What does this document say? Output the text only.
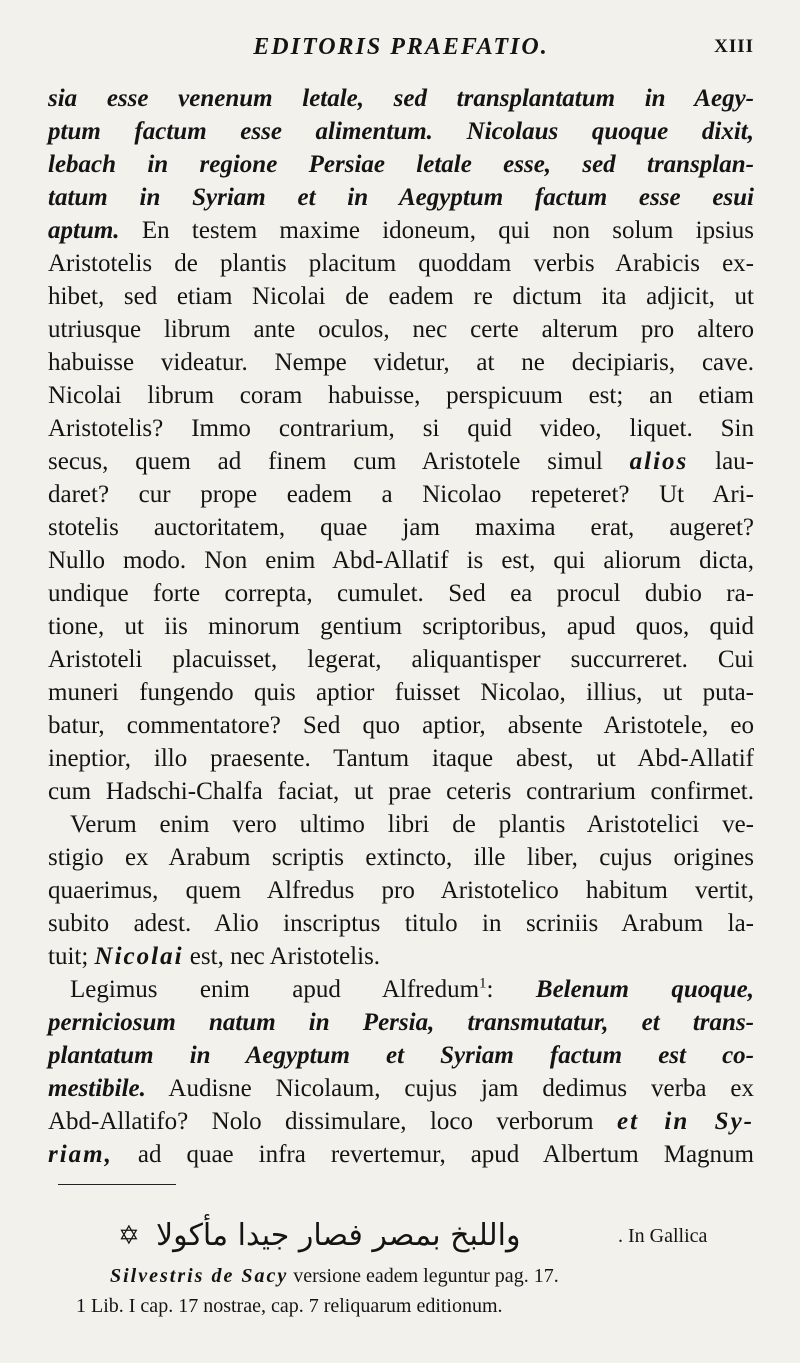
EDITORIS PRAEFATIO.	XIII
sia esse venenum letale, sed transplantatum in Aegy-
ptum factum esse alimentum. Nicolaus quoque dixit,
lebach in regione Persiae letale esse, sed transplan-
tatum in Syriam et in Aegyptum factum esse esui
aptum. En testem maxime idoneum, qui non solum ipsius
Aristotelis de plantis placitum quoddam verbis Arabicis ex-
hibet, sed etiam Nicolai de eadem re dictum ita adjicit, ut
utriusque librum ante oculos, nec certe alterum pro altero
habuisse videatur. Nempe videtur, at ne decipiaris, cave.
Nicolai librum coram habuisse, perspicuum est; an etiam
Aristotelis? Immo contrarium, si quid video, liquet. Sin
secus, quem ad finem cum Aristotele simul alios lau-
daret? cur prope eadem a Nicolao repeteret? Ut Ari-
stotelis auctoritatem, quae jam maxima erat, augeret?
Nullo modo. Non enim Abd-Allatif is est, qui aliorum dicta,
undique forte correpta, cumulet. Sed ea procul dubio ra-
tione, ut iis minorum gentium scriptoribus, apud quos, quid
Aristoteli placuisset, legerat, aliquantisper succurreret. Cui
muneri fungendo quis aptior fuisset Nicolao, illius, ut puta-
batur, commentatore? Sed quo aptior, absente Aristotele, eo
ineptior, illo praesente. Tantum itaque abest, ut Abd-Allatif
cum Hadschi-Chalfa faciat, ut prae ceteris contrarium confirmet.
Verum enim vero ultimo libri de plantis Aristotelici ve-
stigio ex Arabum scriptis extincto, ille liber, cujus origines
quaerimus, quem Alfredus pro Aristotelico habitum vertit,
subito adest. Alio inscriptus titulo in scriniis Arabum la-
tuit; Nicolai est, nec Aristotelis.
Legimus enim apud Alfredum$^1$: Belenum quoque,
perniciosum natum in Persia, transmutatur, et trans-
plantatum in Aegyptum et Syriam factum est co-
mestibile. Audisne Nicolaum, cujus jam dedimus verba ex
Abd-Allatifo? Nolo dissimulare, loco verborum et in Sy-
riam, ad quae infra revertemur, apud Albertum Magnum
✡ واللبخ بمصر فصار جيدا مأكولا	. In Gallica
Silvestris de Sacy versione eadem leguntur pag. 17.
1 Lib. I cap. 17 nostrae, cap. 7 reliquarum editionum.
